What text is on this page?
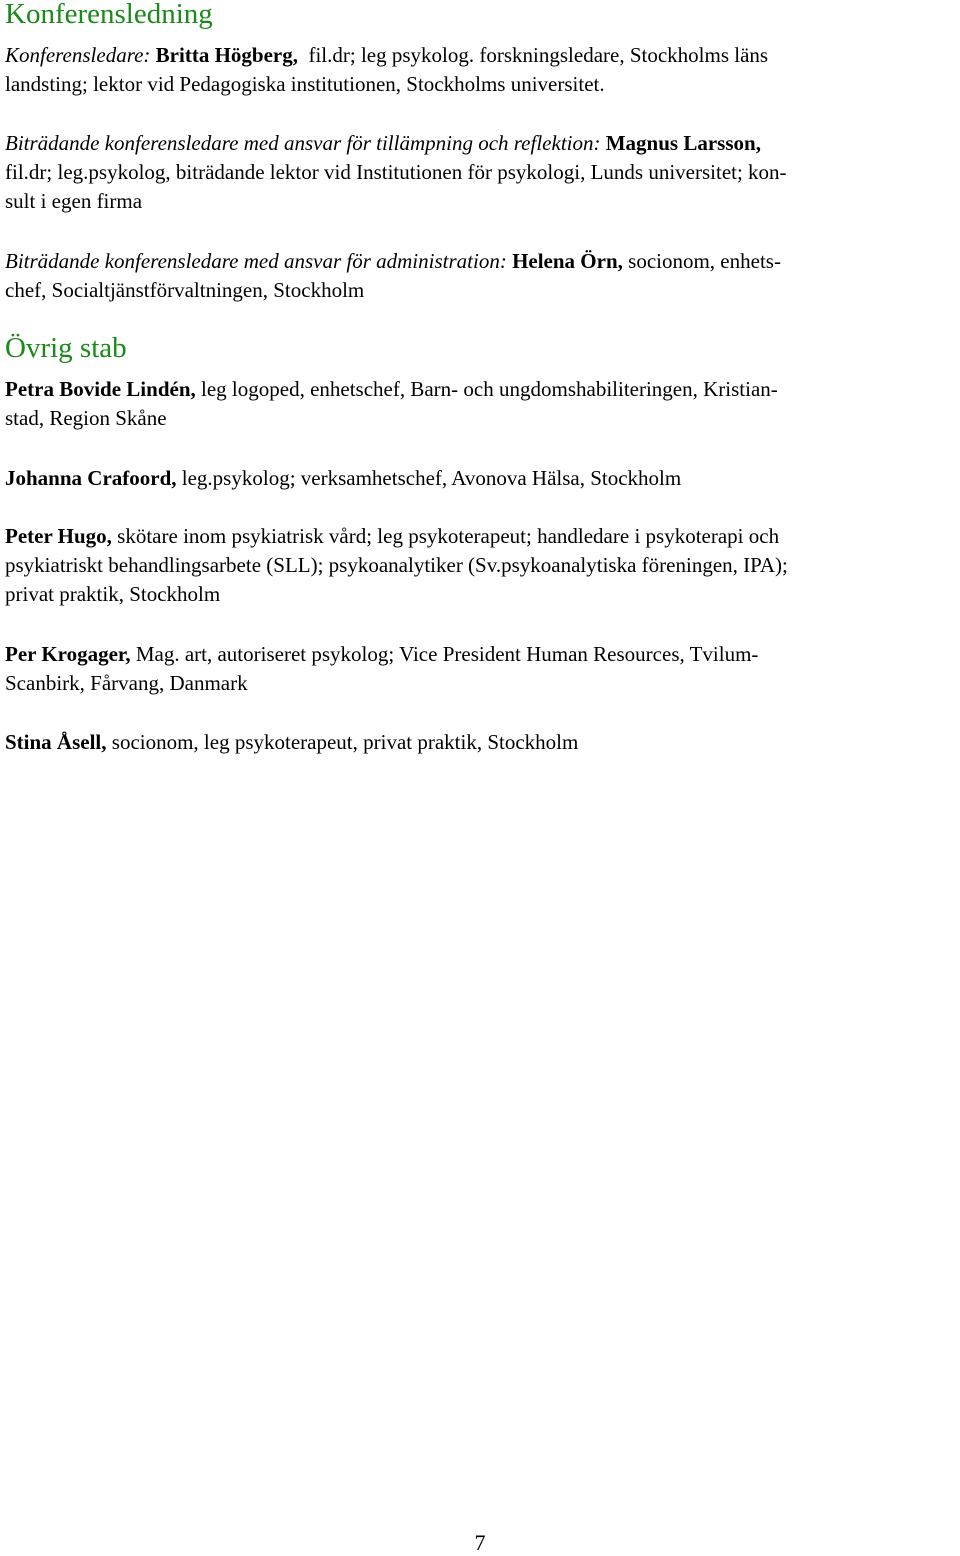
Konferensledning

Konferensledare: Britta Högberg, fil.dr; leg psykolog. forskningsledare, Stockholms läns
landsting; lektor vid Pedagogiska institutionen, Stockholms universitet.

Biträdande konferensledare med ansvar för tillämpning och reflektion: Magnus Larsson,
fil.dr; leg.psykolog, biträdande lektor vid Institutionen för psykologi, Lunds universitet; kon-
sult i egen firma

Biträdande konferensledare med ansvar för administration: Helena Örn, socionom, enhets-
chef, Socialtjänstförvaltningen, Stockholm

Övrig stab

Petra Bovide Lindén, leg logoped, enhetschef, Barn- och ungdomshabiliteringen, Kristian-
stad, Region Skåne

Johanna Crafoord, leg.psykolog; verksamhetschef, Avonova Hälsa, Stockholm

Peter Hugo, skötare inom psykiatrisk vård; leg psykoterapeut; handledare i psykoterapi och
psykiatriskt behandlingsarbete (SLL); psykoanalytiker (Sv.psykoanalytiska föreningen, IPA);
privat praktik, Stockholm

Per Krogager, Mag. art, autoriseret psykolog; Vice President Human Resources, Tvilum-
Scanbirk, Fårvang, Danmark

Stina Åsell, socionom, leg psykoterapeut, privat praktik, Stockholm

7
